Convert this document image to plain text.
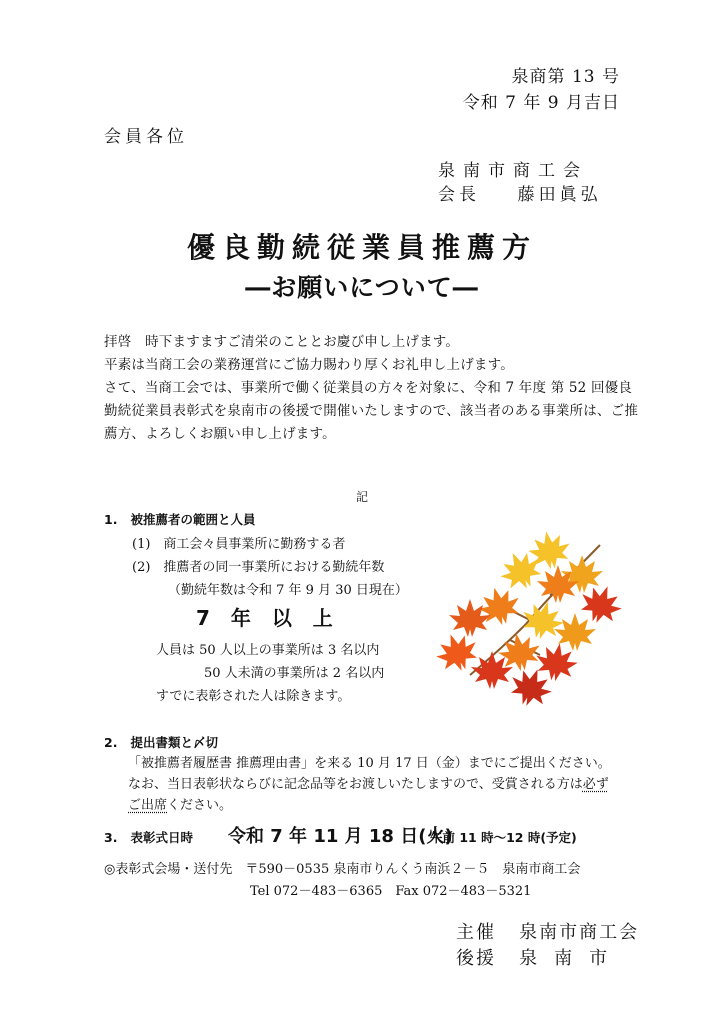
泉商第 13 号

令和 7 年 9 月吉日

会員各位

泉南市商工会

会長 藤田眞弘

優良勤続従業員推薦方
―お願いについて―

拝啓　時下ますますご清栄のこととお慶び申し上げます。

平素は当商工会の業務運営にご協力賜わり厚くお礼申し上げます。

さて、当商工会では、事業所で働く従業員の方々を対象に、令和 7 年度 第 52 回優良

勤続従業員表彰式を泉南市の後援で開催いたしますので、該当者のある事業所は、ご推

薦方、よろしくお願い申し上げます。

記

1. 被推薦者の範囲と人員

(1)　商工会々員事業所に勤務する者

(2)　推薦者の同一事業所における勤続年数

（勤続年数は令和 7 年 9 月 30 日現在）

7 年 以 上

人員は 50 人以上の事業所は 3 名以内

50 人未満の事業所は 2 名以内

すでに表彰された人は除きます。

2. 提出書類と〆切

「被推薦者履歴書 推薦理由書」を来る 10 月 17 日（金）までにご提出ください。

なお、当日表彰状ならびに記念品等をお渡しいたしますので、受賞される方は必ず

ご出席ください。

3. 表彰式日時 令和 7 年 11 月 18 日(火)

午前 11 時〜12 時(予定)

◎表彰式会場・送付先　〒590－0535 泉南市りんくう南浜２－５　泉南市商工会

Tel 072－483－6365　Fax 072－483－5321

主催 泉南市商工会

後援 泉南市
